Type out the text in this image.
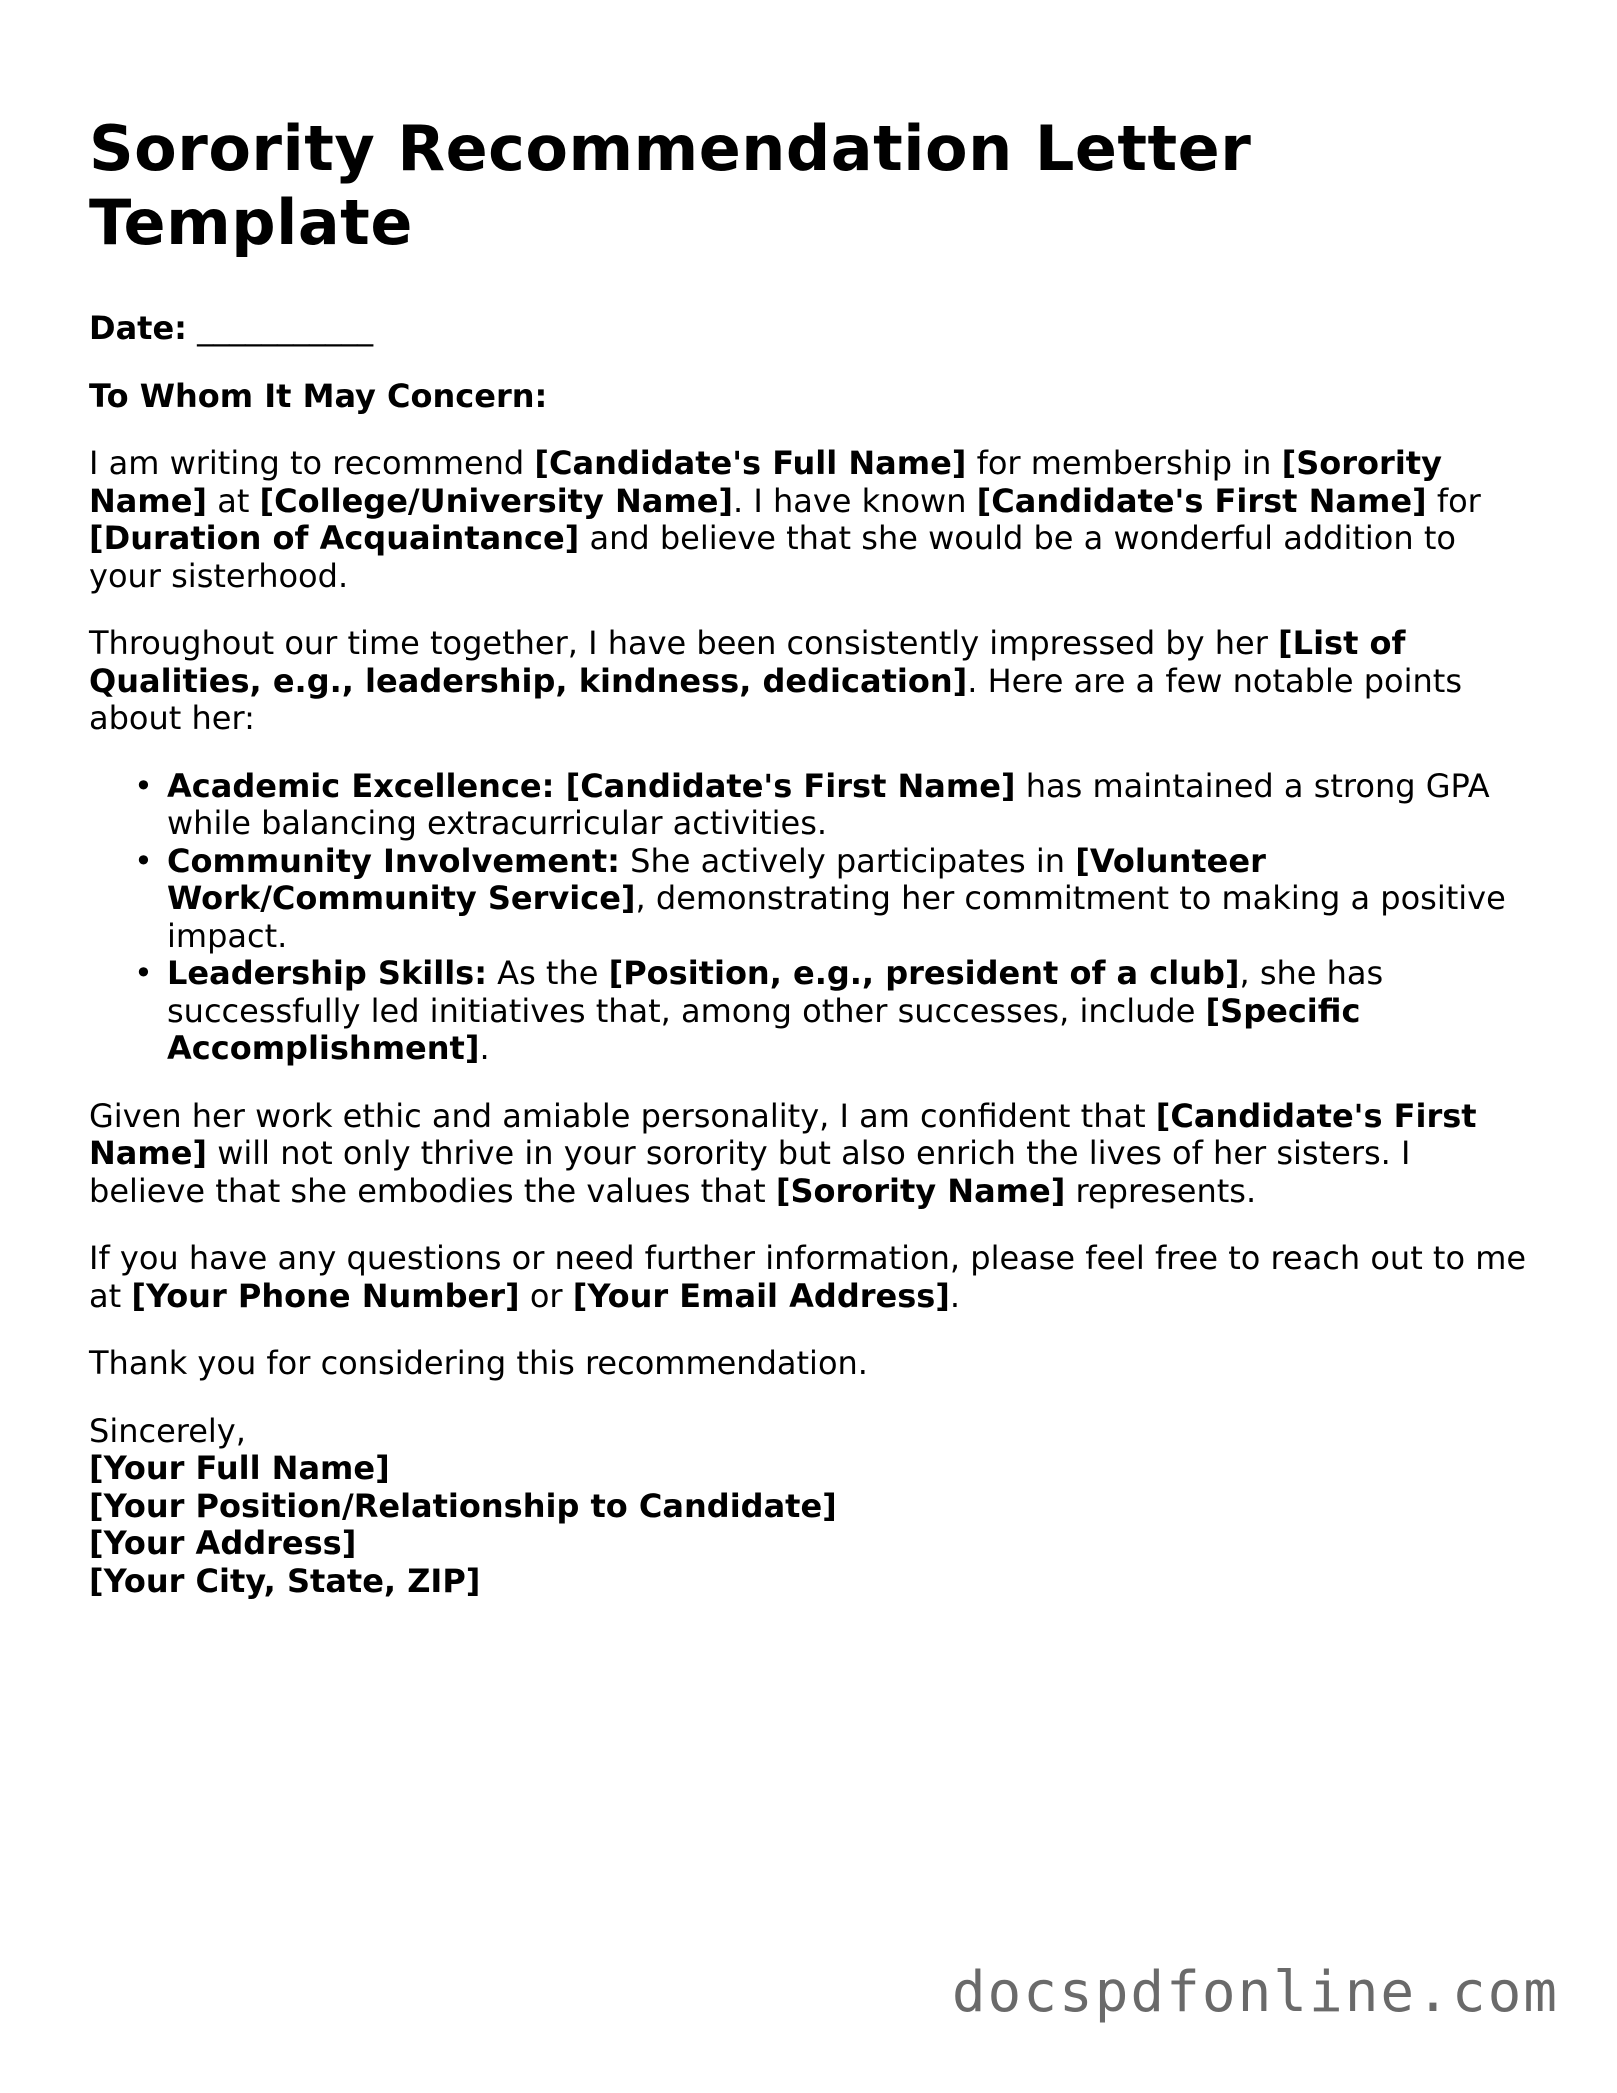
Sorority Recommendation Letter Template

Date: ___________

To Whom It May Concern:

I am writing to recommend [Candidate's Full Name] for membership in [Sorority Name] at [College/University Name]. I have known [Candidate's First Name] for [Duration of Acquaintance] and believe that she would be a wonderful addition to your sisterhood.

Throughout our time together, I have been consistently impressed by her [List of Qualities, e.g., leadership, kindness, dedication]. Here are a few notable points about her:

• Academic Excellence: [Candidate's First Name] has maintained a strong GPA while balancing extracurricular activities.
• Community Involvement: She actively participates in [Volunteer Work/Community Service], demonstrating her commitment to making a positive impact.
• Leadership Skills: As the [Position, e.g., president of a club], she has successfully led initiatives that, among other successes, include [Specific Accomplishment].

Given her work ethic and amiable personality, I am confident that [Candidate's First Name] will not only thrive in your sorority but also enrich the lives of her sisters. I believe that she embodies the values that [Sorority Name] represents.

If you have any questions or need further information, please feel free to reach out to me at [Your Phone Number] or [Your Email Address].

Thank you for considering this recommendation.

Sincerely,
[Your Full Name]
[Your Position/Relationship to Candidate]
[Your Address]
[Your City, State, ZIP]

docspdfonline.com
